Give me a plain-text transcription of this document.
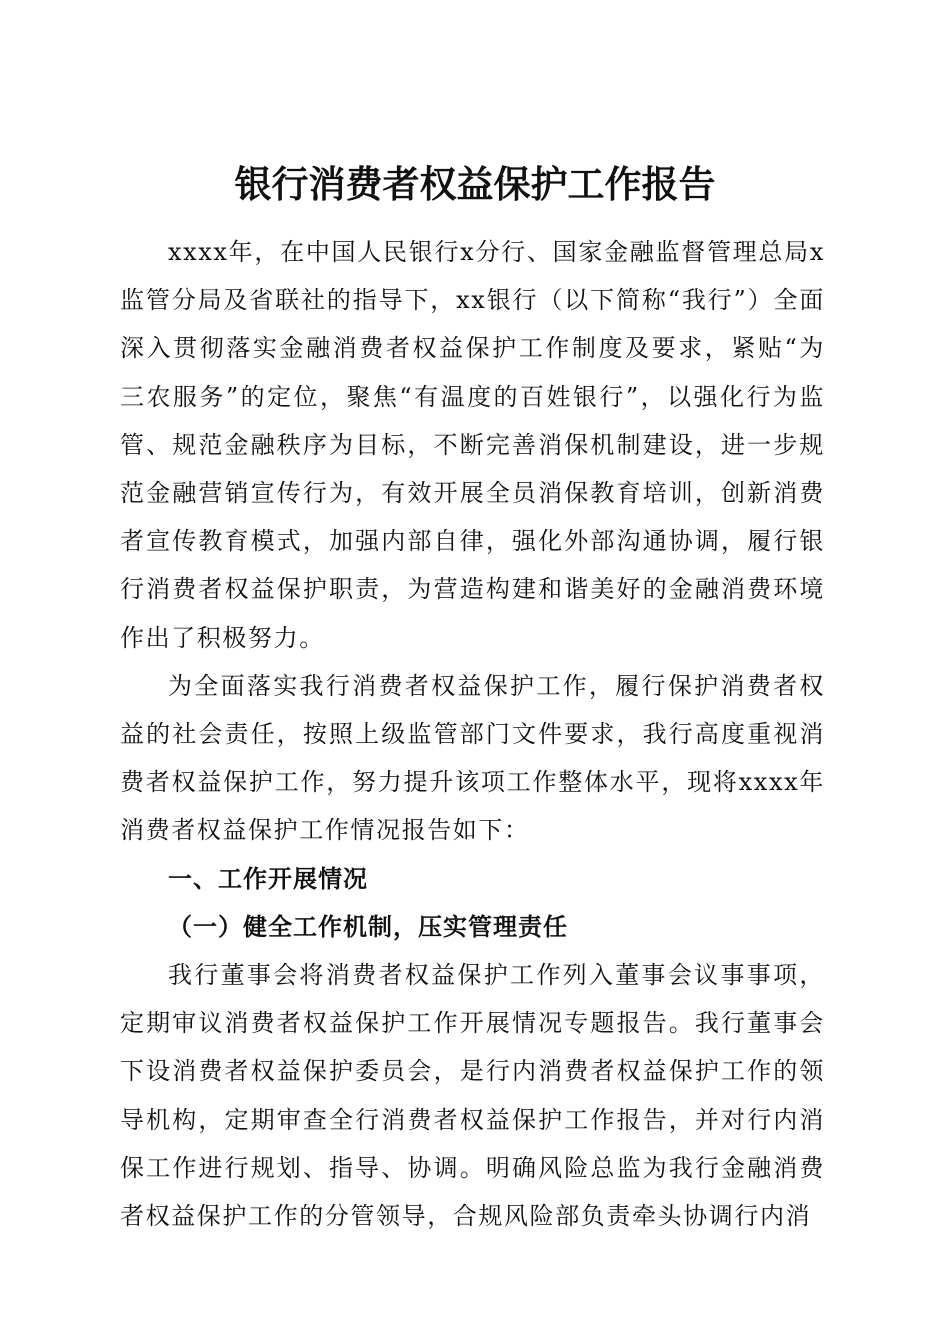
银行消费者权益保护工作报告

xxxx年，在中国人民银行x分行、国家金融监督管理总局x监管分局及省联社的指导下，xx银行（以下简称“我行”）全面深入贯彻落实金融消费者权益保护工作制度及要求，紧贴“为三农服务”的定位，聚焦“有温度的百姓银行”，以强化行为监管、规范金融秩序为目标，不断完善消保机制建设，进一步规范金融营销宣传行为，有效开展全员消保教育培训，创新消费者宣传教育模式，加强内部自律，强化外部沟通协调，履行银行消费者权益保护职责，为营造构建和谐美好的金融消费环境作出了积极努力。

为全面落实我行消费者权益保护工作，履行保护消费者权益的社会责任，按照上级监管部门文件要求，我行高度重视消费者权益保护工作，努力提升该项工作整体水平，现将xxxx年消费者权益保护工作情况报告如下：

一、工作开展情况

（一）健全工作机制，压实管理责任

我行董事会将消费者权益保护工作列入董事会议事事项，定期审议消费者权益保护工作开展情况专题报告。我行董事会下设消费者权益保护委员会，是行内消费者权益保护工作的领导机构，定期审查全行消费者权益保护工作报告，并对行内消保工作进行规划、指导、协调。明确风险总监为我行金融消费者权益保护工作的分管领导，合规风险部负责牵头协调行内消
